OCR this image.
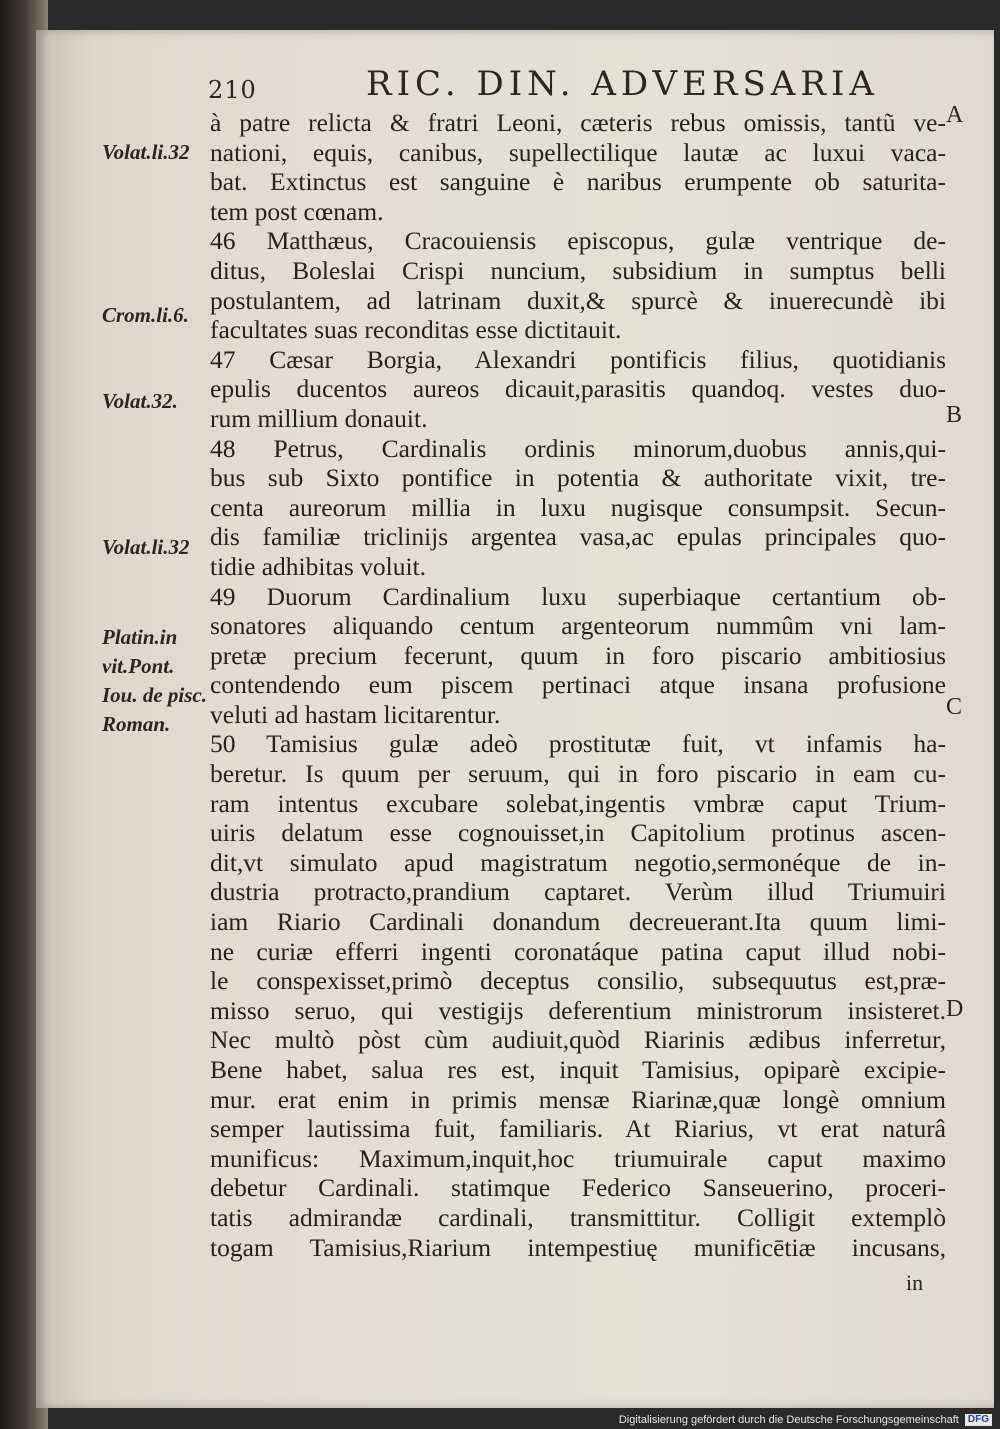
210	RIC. DIN. ADVERSARIA
à patre relicta & fratri Leoni, cæteris rebus omissis, tantũ ve-
nationi, equis, canibus, supellectilique lautæ ac luxui vaca-
bat. Extinctus est sanguine è naribus erumpente ob saturita-
tem post cœnam.
46 Matthæus, Cracouiensis episcopus, gulæ ventrique de-
ditus, Boleslai Crispi nuncium, subsidium in sumptus belli
postulantem, ad latrinam duxit,& spurcè & inuerecundè ibi
facultates suas reconditas esse dictitauit.
47 Cæsar Borgia, Alexandri pontificis filius, quotidianis
epulis ducentos aureos dicauit,parasitis quandoq. vestes duo-
rum millium donauit.
48 Petrus, Cardinalis ordinis minorum,duobus annis,qui-
bus sub Sixto pontifice in potentia & authoritate vixit, tre-
centa aureorum millia in luxu nugisque consumpsit. Secun-
dis familiæ triclinijs argentea vasa,ac epulas principales quo-
tidie adhibitas voluit.
49 Duorum Cardinalium luxu superbiaque certantium ob-
sonatores aliquando centum argenteorum nummûm vni lam-
pretæ precium fecerunt, quum in foro piscario ambitiosius
contendendo eum piscem pertinaci atque insana profusione
veluti ad hastam licitarentur.
50 Tamisius gulæ adeò prostitutæ fuit, vt infamis ha-
beretur. Is quum per seruum, qui in foro piscario in eam cu-
ram intentus excubare solebat,ingentis vmbræ caput Trium-
uiris delatum esse cognouisset,in Capitolium protinus ascen-
dit,vt simulato apud magistratum negotio,sermonéque de in-
dustria protracto,prandium captaret. Verùm illud Triumuiri
iam Riario Cardinali donandum decreuerant.Ita quum limi-
ne curiæ efferri ingenti coronatáque patina caput illud nobi-
le conspexisset,primò deceptus consilio, subsequutus est,præ-
misso seruo, qui vestigijs deferentium ministrorum insisteret.
Nec multò pòst cùm audiuit,quòd Riarinis ædibus inferretur,
Bene habet, salua res est, inquit Tamisius, opiparè excipie-
mur. erat enim in primis mensæ Riarinæ,quæ longè omnium
semper lautissima fuit, familiaris. At Riarius, vt erat naturâ
munificus: Maximum,inquit,hoc triumuirale caput maximo
debetur Cardinali. statimque Federico Sanseuerino, proceri-
tatis admirandæ cardinali, transmittitur. Colligit extemplò
togam Tamisius,Riarium intempestiuę munificētiæ incusans,
Volat.li.32
Crom.li.6.
Volat.32.
Volat.li.32
Platin.in
vit.Pont.
Iou. de pisc.
Roman.
A
B
C
D
in
Digitalisierung gefördert durch die Deutsche Forschungsgemeinschaft DFG
